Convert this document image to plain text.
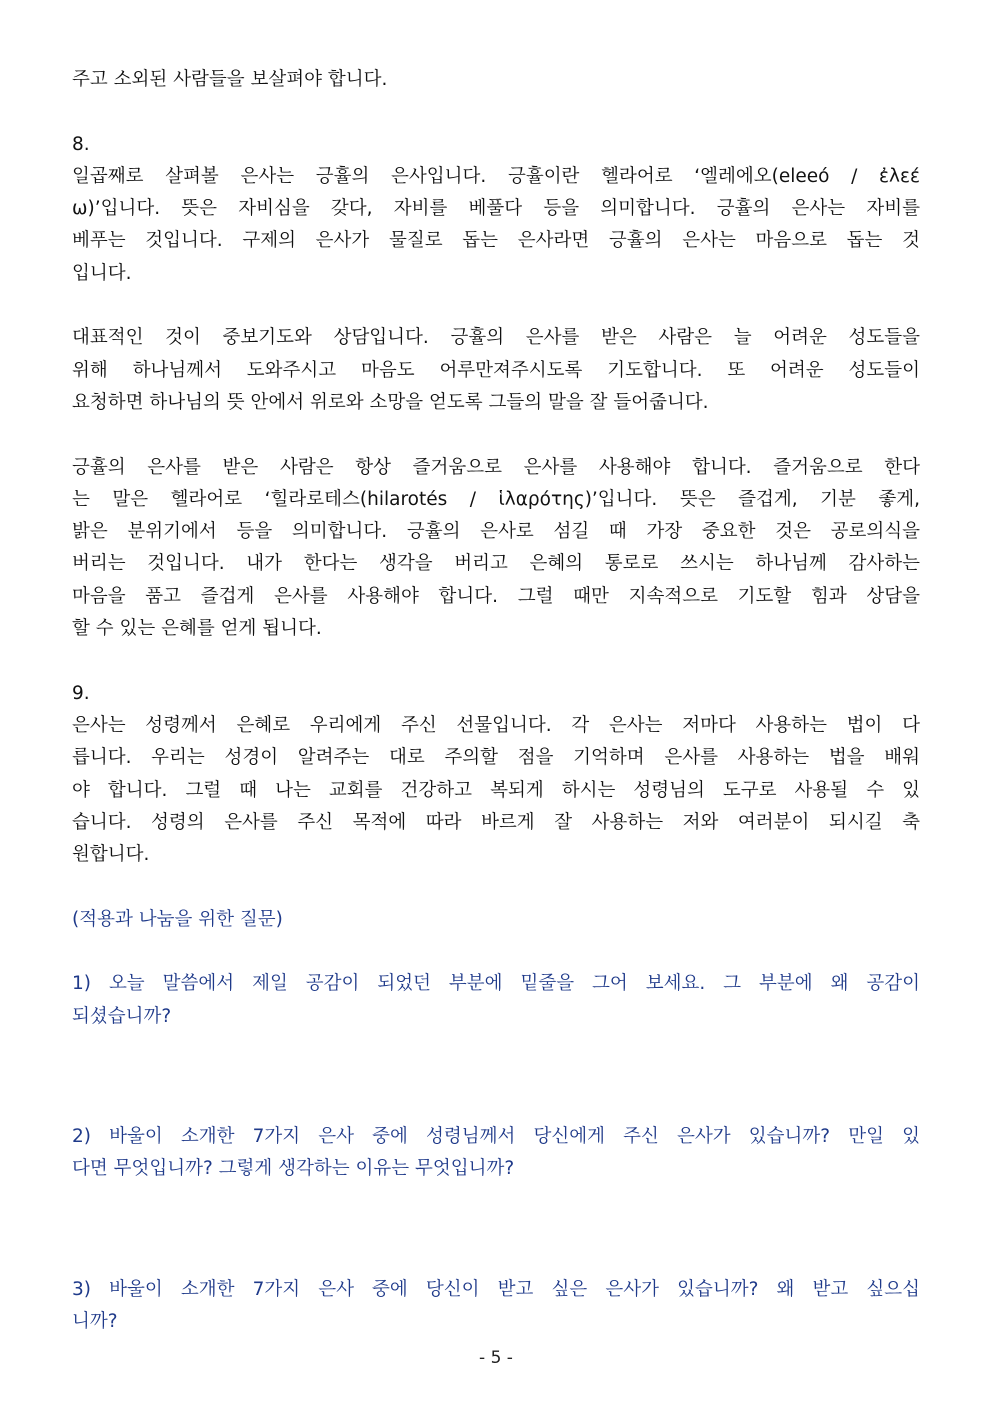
주고 소외된 사람들을 보살펴야 합니다.
8.
일곱째로 살펴볼 은사는 긍휼의 은사입니다. 긍휼이란 헬라어로 ‘엘레에오(eleeó / ἐλεέ
ω)’입니다. 뜻은 자비심을 갖다, 자비를 베풀다 등을 의미합니다. 긍휼의 은사는 자비를
베푸는 것입니다. 구제의 은사가 물질로 돕는 은사라면 긍휼의 은사는 마음으로 돕는 것
입니다.
대표적인 것이 중보기도와 상담입니다. 긍휼의 은사를 받은 사람은 늘 어려운 성도들을
위해 하나님께서 도와주시고 마음도 어루만져주시도록 기도합니다. 또 어려운 성도들이
요청하면 하나님의 뜻 안에서 위로와 소망을 얻도록 그들의 말을 잘 들어줍니다.
긍휼의 은사를 받은 사람은 항상 즐거움으로 은사를 사용해야 합니다. 즐거움으로 한다
는 말은 헬라어로 ‘힐라로테스(hilarotés / ἱλαρότης)’입니다. 뜻은 즐겁게, 기분 좋게,
밝은 분위기에서 등을 의미합니다. 긍휼의 은사로 섬길 때 가장 중요한 것은 공로의식을
버리는 것입니다. 내가 한다는 생각을 버리고 은혜의 통로로 쓰시는 하나님께 감사하는
마음을 품고 즐겁게 은사를 사용해야 합니다. 그럴 때만 지속적으로 기도할 힘과 상담을
할 수 있는 은혜를 얻게 됩니다.
9.
은사는 성령께서 은혜로 우리에게 주신 선물입니다. 각 은사는 저마다 사용하는 법이 다
릅니다. 우리는 성경이 알려주는 대로 주의할 점을 기억하며 은사를 사용하는 법을 배워
야 합니다. 그럴 때 나는 교회를 건강하고 복되게 하시는 성령님의 도구로 사용될 수 있
습니다. 성령의 은사를 주신 목적에 따라 바르게 잘 사용하는 저와 여러분이 되시길 축
원합니다.
(적용과 나눔을 위한 질문)
1) 오늘 말씀에서 제일 공감이 되었던 부분에 밑줄을 그어 보세요. 그 부분에 왜 공감이
되셨습니까?
2) 바울이 소개한 7가지 은사 중에 성령님께서 당신에게 주신 은사가 있습니까? 만일 있
다면 무엇입니까? 그렇게 생각하는 이유는 무엇입니까?
3) 바울이 소개한 7가지 은사 중에 당신이 받고 싶은 은사가 있습니까? 왜 받고 싶으십
니까?
- 5 -
